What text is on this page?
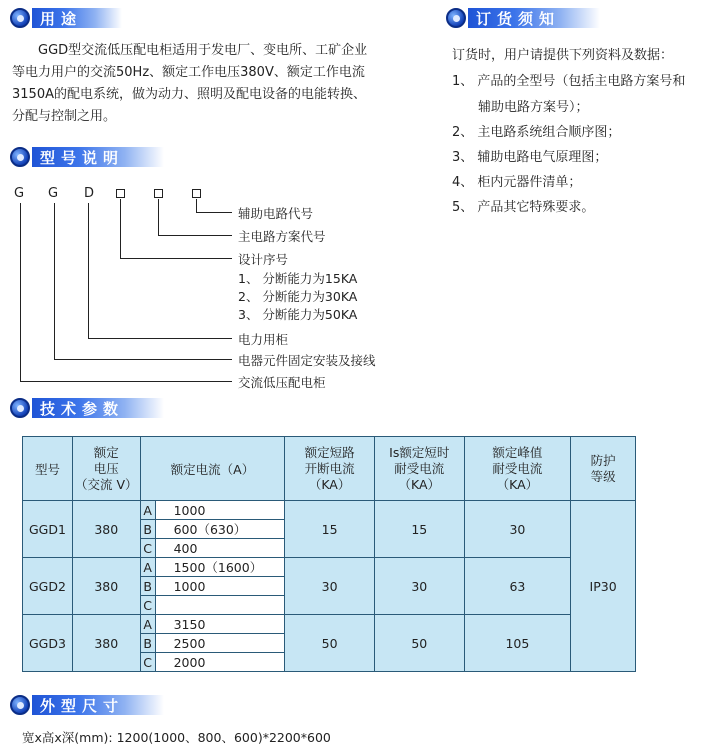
用途
GGD型交流低压配电柜适用于发电厂、变电所、工矿企业
等电力用户的交流50Hz、额定工作电压380V、额定工作电流
3150A的配电系统，做为动力、照明及配电设备的电能转换、
分配与控制之用。
订货须知
订货时，用户请提供下列资料及数据：
1、 产品的全型号（包括主电路方案号和
辅助电路方案号）；
2、 主电路系统组合顺序图；
3、 辅助电路电气原理图；
4、 柜内元器件清单；
5、 产品其它特殊要求。
型号说明
G G D
辅助电路代号
主电路方案代号
设计序号
1、 分断能力为15KA
2、 分断能力为30KA
3、 分断能力为50KA
电力用柜
电器元件固定安装及接线
交流低压配电柜
技术参数
型号	额定
电压
（交流 V）	额定电流（A）		额定短路
开断电流
（KA）	Is额定短时
耐受电流
（KA）	额定峰值
耐受电流
（KA）	防护
等级
GGD1	380	A	1000	15	15	30	IP30
		B	600（630）				
		C	400				
GGD2	380	A	1500（1600）	30	30	63	
		B	1000				
		C					
GGD3	380	A	3150	50	50	105	
		B	2500				
		C	2000				
外型尺寸
宽x高x深(mm): 1200(1000、800、600)*2200*600
